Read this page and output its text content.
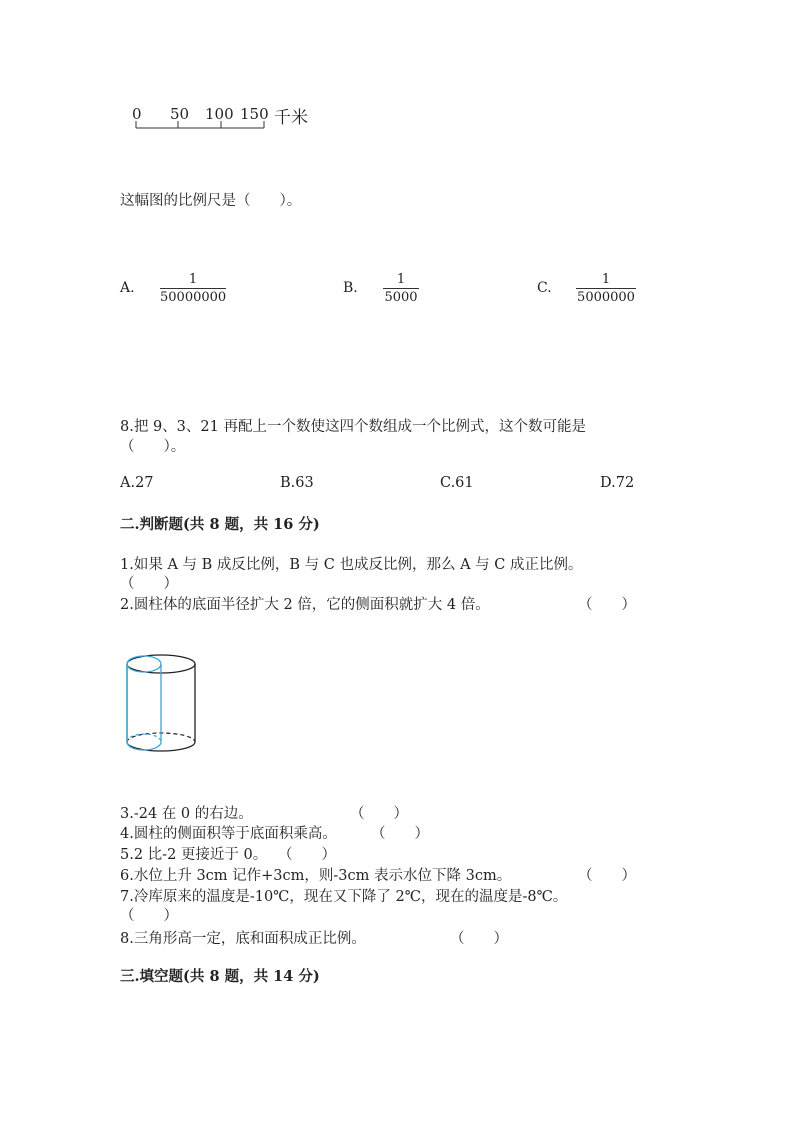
0 50 100 150 千米
这幅图的比例尺是（　　）。
A.
1
50000000
B.
1
5000
C.
1
5000000
8.把 9、3、21 再配上一个数使这四个数组成一个比例式，这个数可能是
（　　）。
A.27	B.63	C.61	D.72
二.判断题(共 8 题，共 16 分)
1.如果 A 与 B 成反比例，B 与 C 也成反比例，那么 A 与 C 成正比例。
（　　）
2.圆柱体的底面半径扩大 2 倍，它的侧面积就扩大 4 倍。	（　　）
3.-24 在 0 的右边。	（　　）
4.圆柱的侧面积等于底面积乘高。 （　　）
5.2 比-2 更接近于 0。 （　　）
6.水位上升 3cm 记作+3cm，则-3cm 表示水位下降 3cm。	（　　）
7.冷库原来的温度是-10℃，现在又下降了 2℃，现在的温度是-8℃。
（　　）
8.三角形高一定，底和面积成正比例。	（　　）
三.填空题(共 8 题，共 14 分)
